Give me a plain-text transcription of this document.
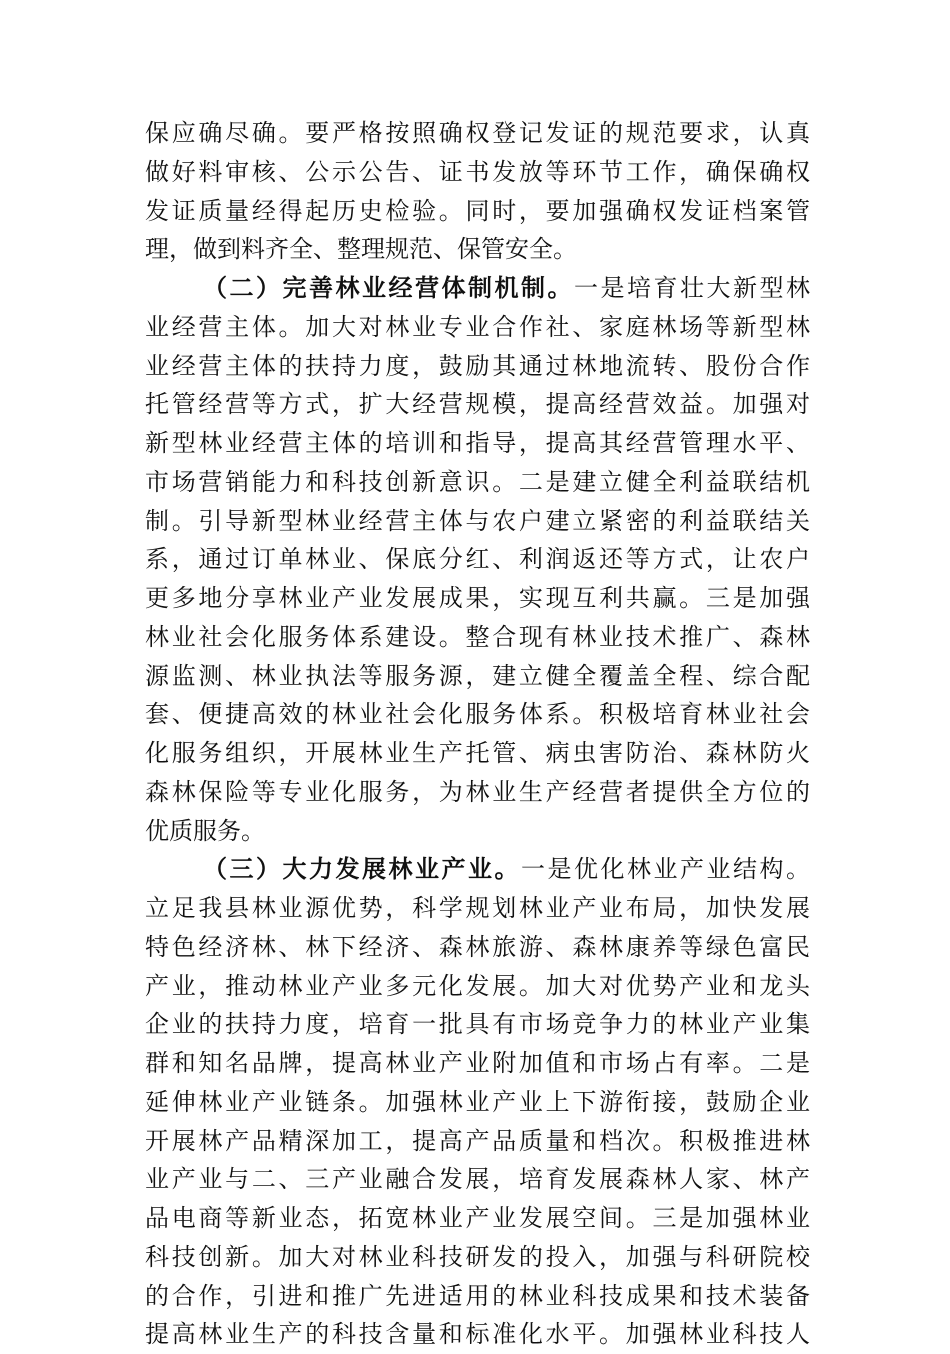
保应确尽确。要严格按照确权登记发证的规范要求，认真
做好料审核、公示公告、证书发放等环节工作，确保确权
发证质量经得起历史检验。同时，要加强确权发证档案管
理，做到料齐全、整理规范、保管安全。
（二）完善林业经营体制机制。一是培育壮大新型林
业经营主体。加大对林业专业合作社、家庭林场等新型林
业经营主体的扶持力度，鼓励其通过林地流转、股份合作
托管经营等方式，扩大经营规模，提高经营效益。加强对
新型林业经营主体的培训和指导，提高其经营管理水平、
市场营销能力和科技创新意识。二是建立健全利益联结机
制。引导新型林业经营主体与农户建立紧密的利益联结关
系，通过订单林业、保底分红、利润返还等方式，让农户
更多地分享林业产业发展成果，实现互利共赢。三是加强
林业社会化服务体系建设。整合现有林业技术推广、森林
源监测、林业执法等服务源，建立健全覆盖全程、综合配
套、便捷高效的林业社会化服务体系。积极培育林业社会
化服务组织，开展林业生产托管、病虫害防治、森林防火
森林保险等专业化服务，为林业生产经营者提供全方位的
优质服务。
（三）大力发展林业产业。一是优化林业产业结构。
立足我县林业源优势，科学规划林业产业布局，加快发展
特色经济林、林下经济、森林旅游、森林康养等绿色富民
产业，推动林业产业多元化发展。加大对优势产业和龙头
企业的扶持力度，培育一批具有市场竞争力的林业产业集
群和知名品牌，提高林业产业附加值和市场占有率。二是
延伸林业产业链条。加强林业产业上下游衔接，鼓励企业
开展林产品精深加工，提高产品质量和档次。积极推进林
业产业与二、三产业融合发展，培育发展森林人家、林产
品电商等新业态，拓宽林业产业发展空间。三是加强林业
科技创新。加大对林业科技研发的投入，加强与科研院校
的合作，引进和推广先进适用的林业科技成果和技术装备
提高林业生产的科技含量和标准化水平。加强林业科技人
